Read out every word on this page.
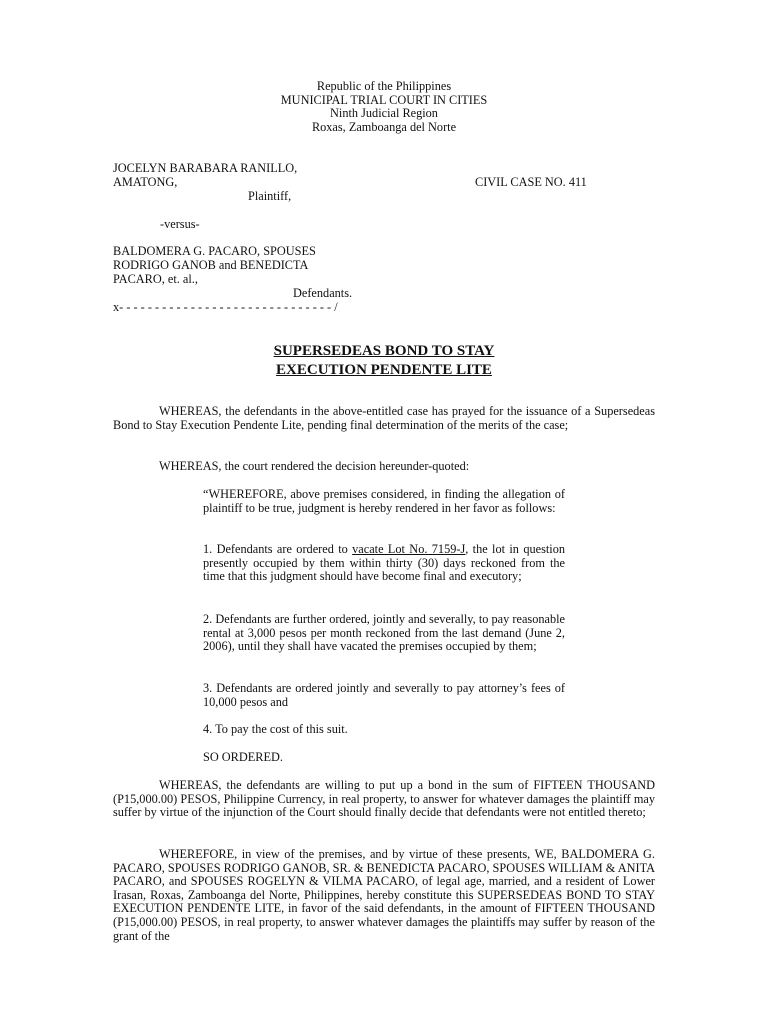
Republic of the Philippines
MUNICIPAL TRIAL COURT IN CITIES
Ninth Judicial Region
Roxas, Zamboanga del Norte
JOCELYN BARABARA RANILLO,
AMATONG,	CIVIL CASE NO. 411
Plaintiff,
-versus-
BALDOMERA G. PACARO, SPOUSES
RODRIGO GANOB and BENEDICTA
PACARO, et. al.,
Defendants.
x- - - - - - - - - - - - - - - - - - - - - - - - - - - - - - /
SUPERSEDEAS BOND TO STAY
EXECUTION PENDENTE LITE
WHEREAS, the defendants in the above-entitled case has prayed for the issuance of a Supersedeas Bond to Stay Execution Pendente Lite, pending final determination of the merits of the case;
WHEREAS, the court rendered the decision hereunder-quoted:
“WHEREFORE, above premises considered, in finding the allegation of plaintiff to be true, judgment is hereby rendered in her favor as follows:
1. Defendants are ordered to vacate Lot No. 7159-J, the lot in question presently occupied by them within thirty (30) days reckoned from the time that this judgment should have become final and executory;
2. Defendants are further ordered, jointly and severally, to pay reasonable rental at 3,000 pesos per month reckoned from the last demand (June 2, 2006), until they shall have vacated the premises occupied by them;
3. Defendants are ordered jointly and severally to pay attorney’s fees of 10,000 pesos and
4. To pay the cost of this suit.
SO ORDERED.
WHEREAS, the defendants are willing to put up a bond in the sum of FIFTEEN THOUSAND (P15,000.00) PESOS, Philippine Currency, in real property, to answer for whatever damages the plaintiff may suffer by virtue of the injunction of the Court should finally decide that defendants were not entitled thereto;
WHEREFORE, in view of the premises, and by virtue of these presents, WE, BALDOMERA G. PACARO, SPOUSES RODRIGO GANOB, SR. & BENEDICTA PACARO, SPOUSES WILLIAM & ANITA PACARO, and SPOUSES ROGELYN & VILMA PACARO, of legal age, married, and a resident of Lower Irasan, Roxas, Zamboanga del Norte, Philippines, hereby constitute this SUPERSEDEAS BOND TO STAY EXECUTION PENDENTE LITE, in favor of the said defendants, in the amount of FIFTEEN THOUSAND (P15,000.00) PESOS, in real property, to answer whatever damages the plaintiffs may suffer by reason of the grant of the
